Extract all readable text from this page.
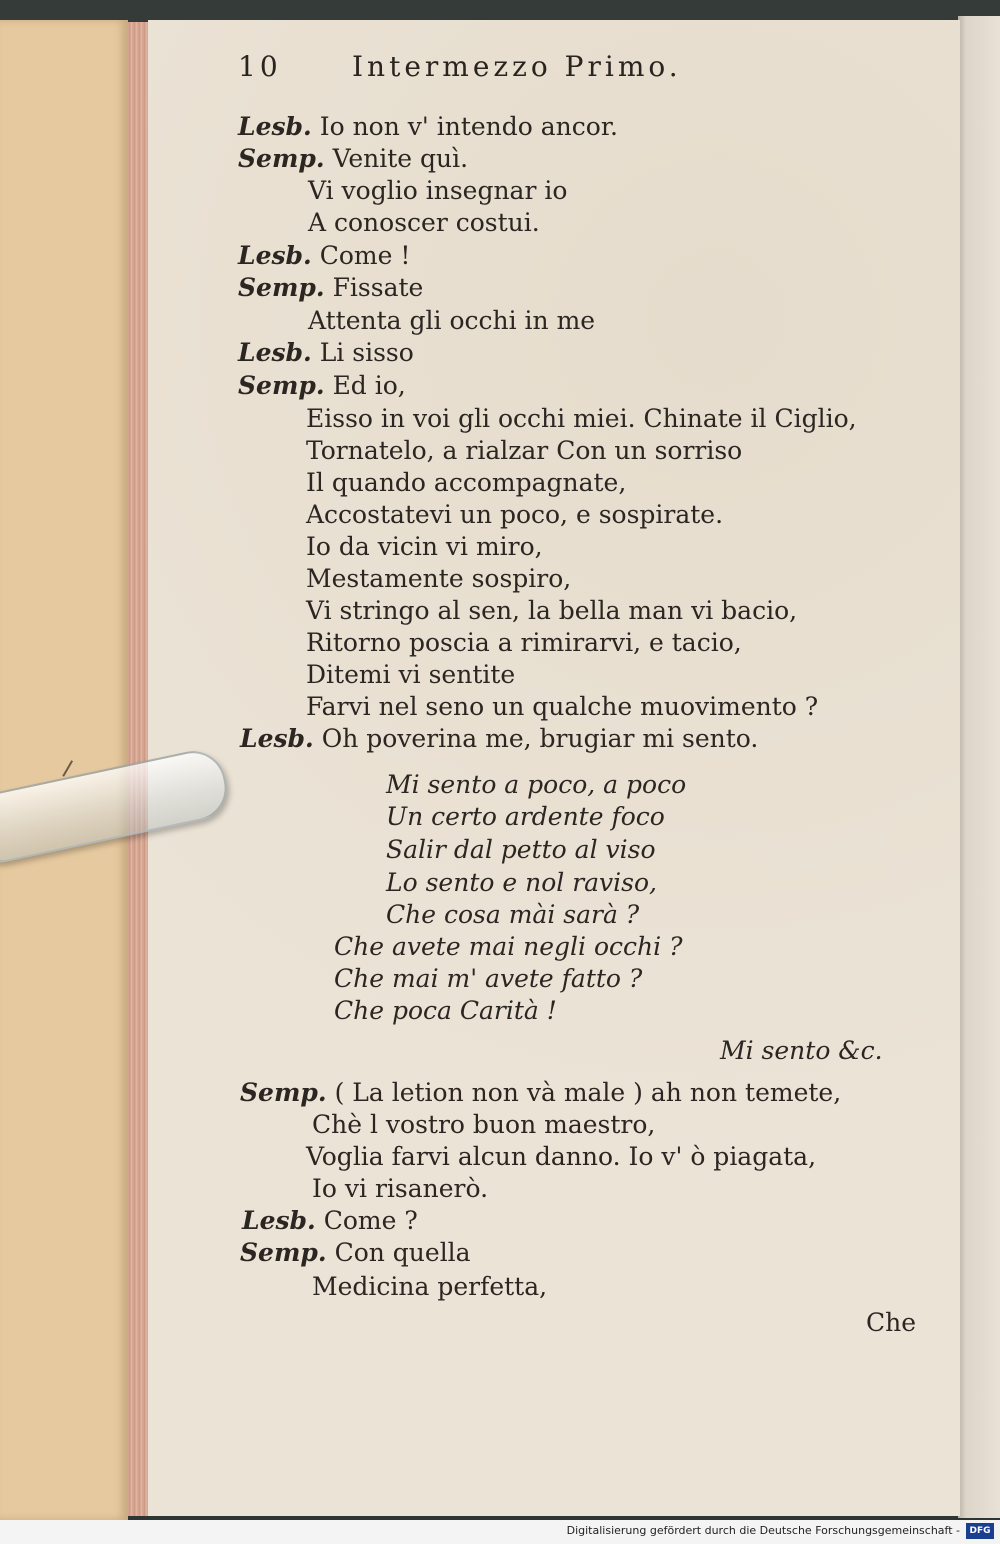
10	Intermezzo Primo.
Lesb. Io non v' intendo ancor.
Semp. Venite quì.
Vi voglio insegnar io
A conoscer costui.
Lesb. Come !
Semp. Fissate
Attenta gli occhi in me
Lesb. Li sisso
Semp. Ed io,
Eisso in voi gli occhi miei. Chinate il Ciglio,
Tornatelo, a rialzar Con un sorriso
Il quando accompagnate,
Accostatevi un poco, e sospirate.
Io da vicin vi miro,
Mestamente sospiro,
Vi stringo al sen, la bella man vi bacio,
Ritorno poscia a rimirarvi, e tacio,
Ditemi vi sentite
Farvi nel seno un qualche muovimento ?
Lesb. Oh poverina me, brugiar mi sento.
Mi sento a poco, a poco
Un certo ardente foco
Salir dal petto al viso
Lo sento e nol raviso,
Che cosa mài sarà ?
Che avete mai negli occhi ?
Che mai m' avete fatto ?
Che poca Carità !
Mi sento &c.
Semp. ( La letion non và male ) ah non temete,
Chè l vostro buon maestro,
Voglia farvi alcun danno. Io v' ò piagata,
Io vi risanerò.
Lesb. Come ?
Semp. Con quella
Medicina perfetta,
Che
Digitalisierung gefördert durch die Deutsche Forschungsgemeinschaft -	DFG
